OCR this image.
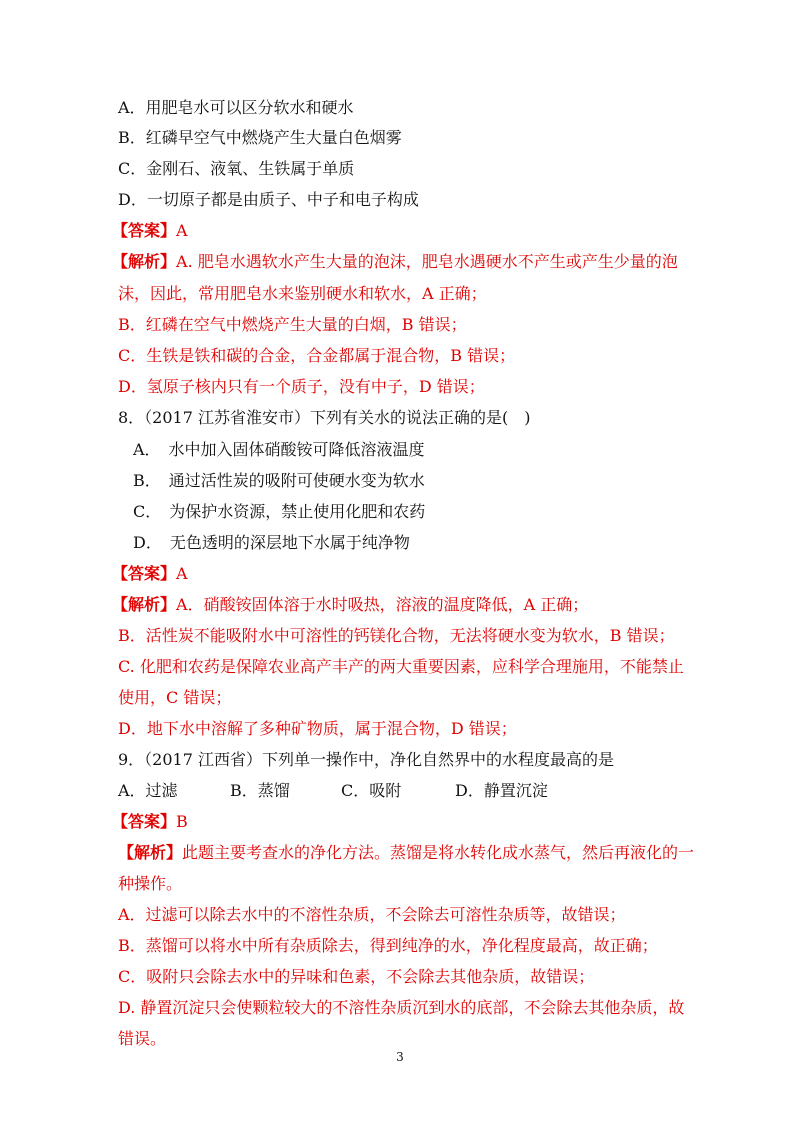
A．用肥皂水可以区分软水和硬水
B．红磷早空气中燃烧产生大量白色烟雾
C．金刚石、液氧、生铁属于单质
D．一切原子都是由质子、中子和电子构成
【答案】A
【解析】A. 肥皂水遇软水产生大量的泡沫，肥皂水遇硬水不产生或产生少量的泡
沫，因此，常用肥皂水来鉴别硬水和软水，A 正确；
B．红磷在空气中燃烧产生大量的白烟，B 错误；
C．生铁是铁和碳的合金，合金都属于混合物，B 错误；
D．氢原子核内只有一个质子，没有中子，D 错误；
8．（2017 江苏省淮安市）下列有关水的说法正确的是(　)
A．　水中加入固体硝酸铵可降低溶液温度
B．　通过活性炭的吸附可使硬水变为软水
C．　为保护水资源，禁止使用化肥和农药
D．　无色透明的深层地下水属于纯净物
【答案】A
【解析】A．硝酸铵固体溶于水时吸热，溶液的温度降低，A 正确；
B．活性炭不能吸附水中可溶性的钙镁化合物，无法将硬水变为软水，B 错误；
C. 化肥和农药是保障农业高产丰产的两大重要因素，应科学合理施用，不能禁止
使用，C 错误；
D．地下水中溶解了多种矿物质，属于混合物，D 错误；
9．（2017 江西省）下列单一操作中，净化自然界中的水程度最高的是
A．过滤	B．蒸馏	C．吸附	D．静置沉淀
【答案】B
【解析】此题主要考查水的净化方法。蒸馏是将水转化成水蒸气，然后再液化的一
种操作。
A．过滤可以除去水中的不溶性杂质，不会除去可溶性杂质等，故错误；
B．蒸馏可以将水中所有杂质除去，得到纯净的水，净化程度最高，故正确；
C．吸附只会除去水中的异味和色素，不会除去其他杂质，故错误；
D. 静置沉淀只会使颗粒较大的不溶性杂质沉到水的底部，不会除去其他杂质，故
错误。
3
